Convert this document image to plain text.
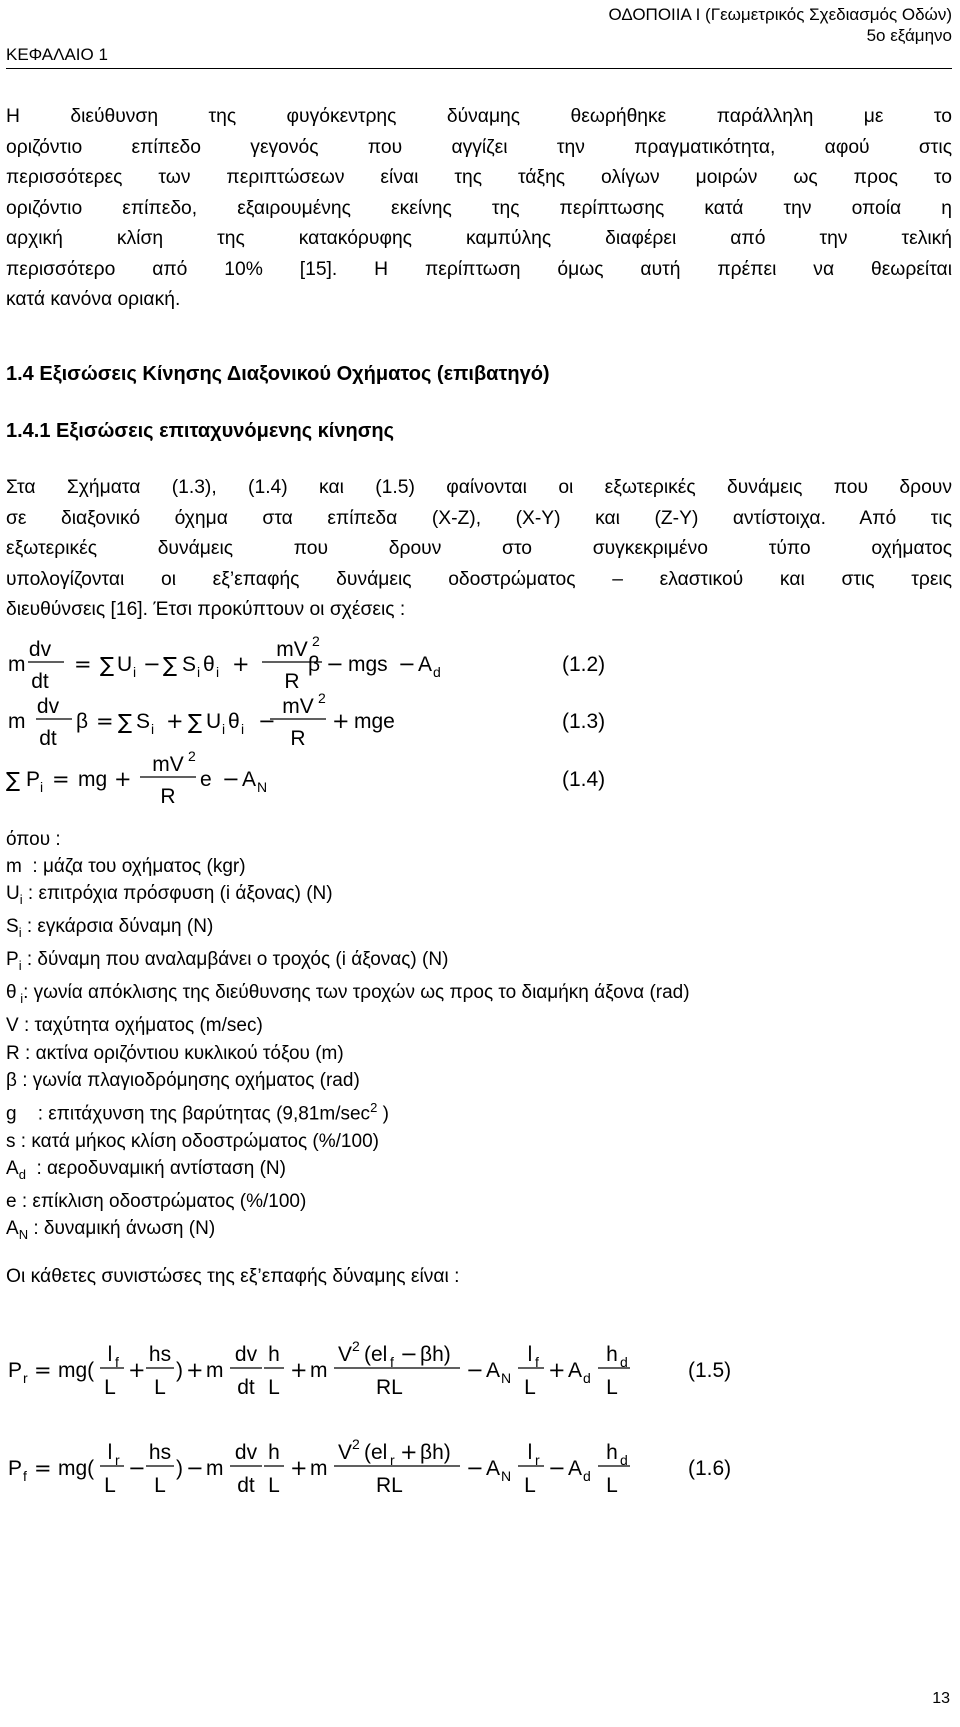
ΚΕΦΑΛΑΙΟ 1
ΟΔΟΠΟΙΙΑ Ι (Γεωμετρικός Σχεδιασμός Οδών)
5ο εξάμηνο
Η διεύθυνση της φυγόκεντρης δύναμης θεωρήθηκε παράλληλη με το
οριζόντιο επίπεδο γεγονός που αγγίζει την πραγματικότητα, αφού στις
περισσότερες των περιπτώσεων είναι της τάξης ολίγων μοιρών ως προς το
οριζόντιο επίπεδο, εξαιρουμένης εκείνης της περίπτωσης κατά την οποία η
αρχική κλίση της κατακόρυφης καμπύλης διαφέρει από την τελική
περισσότερο από 10% [15]. Η περίπτωση όμως αυτή πρέπει να θεωρείται
κατά κανόνα οριακή.
1.4 Εξισώσεις Κίνησης Διαξονικού Οχήματος (επιβατηγό)
1.4.1 Εξισώσεις επιταχυνόμενης κίνησης
Στα Σχήματα (1.3), (1.4) και (1.5) φαίνονται οι εξωτερικές δυνάμεις που δρουν
σε διαξονικό όχημα στα επίπεδα (X-Z), (X-Y) και (Z-Y) αντίστοιχα. Από τις
εξωτερικές δυνάμεις που δρουν στο συγκεκριμένο τύπο οχήματος
υπολογίζονται οι εξ’επαφής δυνάμεις οδοστρώματος – ελαστικού και στις τρεις
διευθύνσεις [16]. Έτσι προκύπτουν οι σχέσεις :
m
dv
dt
= ∑ U i − ∑ S i θ i +
mV 2
R
β − mgs − A d	(1.2)
m
dv
dt
β = ∑ S i + ∑ U i θ i −
mV 2
R
+ mge	(1.3)
∑ P i = mg +
mV 2
R
e − A N	(1.4)
όπου :
m  : μάζα του οχήματος (kgr)
$U_i$ : επιτρόχια πρόσφυση (i άξονας) (N)
$S_i$ : εγκάρσια δύναμη (N)
$P_i$ : δύναμη που αναλαμβάνει ο τροχός (i άξονας) (N)
θ $_i$: γωνία απόκλισης της διεύθυνσης των τροχών ως προς το διαμήκη άξονα (rad)
V : ταχύτητα οχήματος (m/sec)
R : ακτίνα οριζόντιου κυκλικού τόξου (m)
β : γωνία πλαγιοδρόμησης οχήματος (rad)
g    : επιτάχυνση της βαρύτητας ($9,81m/\sec^2$ )
s : κατά μήκος κλίση οδοστρώματος (%/100)
$A_d$  : αεροδυναμική αντίσταση (N)
e : επίκλιση οδοστρώματος (%/100)
$A_N$ : δυναμική άνωση (N)
Οι κάθετες συνιστώσες της εξ’επαφής δύναμης είναι :
P r = mg(
l f
L
+
hs
L
) + m
dv
dt
h
L
+ m
V 2 (el f − βh)
RL
− A N
l f
L
+ A d
h d
L
(1.5)
P f = mg(
l r
L
−
hs
L
) − m
dv
dt
h
L
+ m
V 2 (el r + βh)
RL
− A N
l r
L
− A d
h d
L
(1.6)
13
